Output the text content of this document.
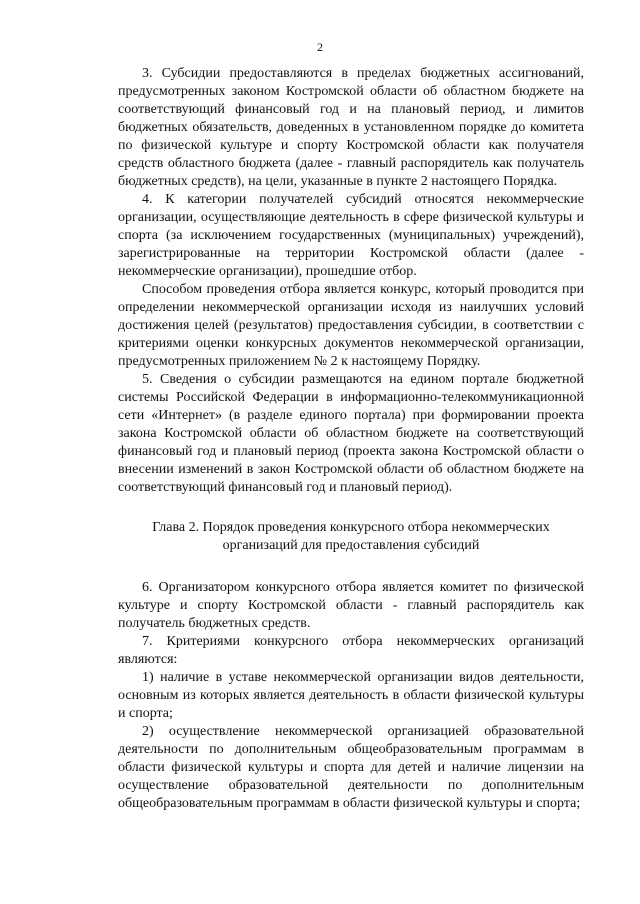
2

3. Субсидии предоставляются в пределах бюджетных ассигнований, предусмотренных законом Костромской области об областном бюджете на соответствующий финансовый год и на плановый период, и лимитов бюджетных обязательств, доведенных в установленном порядке до комитета по физической культуре и спорту Костромской области как получателя средств областного бюджета (далее - главный распорядитель как получатель бюджетных средств), на цели, указанные в пункте 2 настоящего Порядка.

4. К категории получателей субсидий относятся некоммерческие организации, осуществляющие деятельность в сфере физической культуры и спорта (за исключением государственных (муниципальных) учреждений), зарегистрированные на территории Костромской области (далее - некоммерческие организации), прошедшие отбор.

Способом проведения отбора является конкурс, который проводится при определении некоммерческой организации исходя из наилучших условий достижения целей (результатов) предоставления субсидии, в соответствии с критериями оценки конкурсных документов некоммерческой организации, предусмотренных приложением № 2 к настоящему Порядку.

5. Сведения о субсидии размещаются на едином портале бюджетной системы Российской Федерации в информационно-телекоммуникационной сети «Интернет» (в разделе единого портала) при формировании проекта закона Костромской области об областном бюджете на соответствующий финансовый год и плановый период (проекта закона Костромской области о внесении изменений в закон Костромской области об областном бюджете на соответствующий финансовый год и плановый период).

Глава 2. Порядок проведения конкурсного отбора некоммерческих
организаций для предоставления субсидий

6. Организатором конкурсного отбора является комитет по физической культуре и спорту Костромской области - главный распорядитель как получатель бюджетных средств.

7. Критериями конкурсного отбора некоммерческих организаций являются:

1) наличие в уставе некоммерческой организации видов деятельности, основным из которых является деятельность в области физической культуры и спорта;

2) осуществление некоммерческой организацией образовательной деятельности по дополнительным общеобразовательным программам в области физической культуры и спорта для детей и наличие лицензии на осуществление образовательной деятельности по дополнительным общеобразовательным программам в области физической культуры и спорта;
